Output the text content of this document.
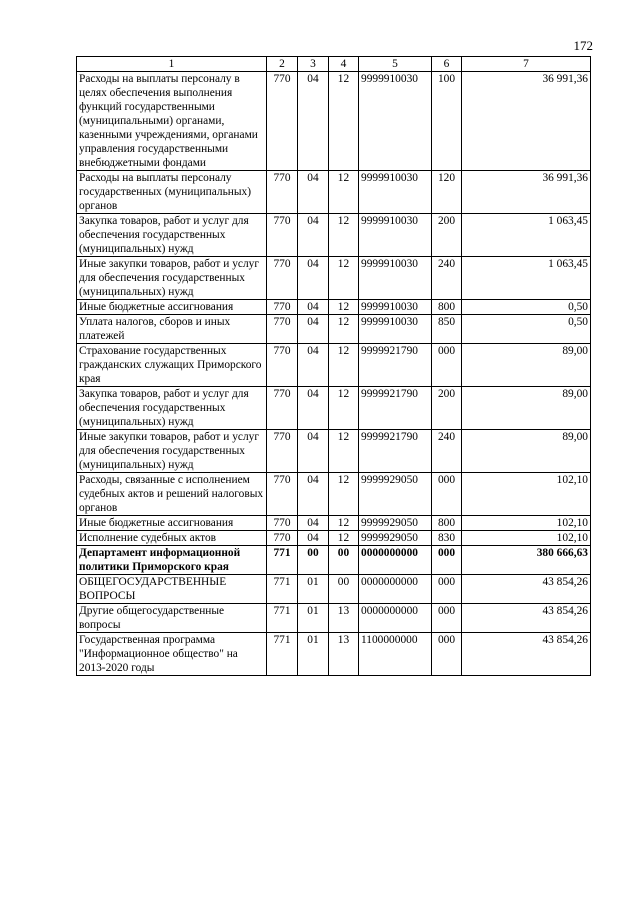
172
1	2	3	4	5	6	7
Расходы на выплаты персоналу в целях обеспечения выполнения функций государственными (муниципальными) органами, казенными учреждениями, органами управления государственными внебюджетными фондами	770	04	12	9999910030	100	36 991,36
Расходы на выплаты персоналу государственных (муниципальных) органов	770	04	12	9999910030	120	36 991,36
Закупка товаров, работ и услуг для обеспечения государственных (муниципальных) нужд	770	04	12	9999910030	200	1 063,45
Иные закупки товаров, работ и услуг для обеспечения государственных (муниципальных) нужд	770	04	12	9999910030	240	1 063,45
Иные бюджетные ассигнования	770	04	12	9999910030	800	0,50
Уплата налогов, сборов и иных платежей	770	04	12	9999910030	850	0,50
Страхование государственных гражданских служащих Приморского края	770	04	12	9999921790	000	89,00
Закупка товаров, работ и услуг для обеспечения государственных (муниципальных) нужд	770	04	12	9999921790	200	89,00
Иные закупки товаров, работ и услуг для обеспечения государственных (муниципальных) нужд	770	04	12	9999921790	240	89,00
Расходы, связанные с исполнением судебных актов и решений налоговых органов	770	04	12	9999929050	000	102,10
Иные бюджетные ассигнования	770	04	12	9999929050	800	102,10
Исполнение судебных актов	770	04	12	9999929050	830	102,10
Департамент информационной политики Приморского края	771	00	00	0000000000	000	380 666,63
ОБЩЕГОСУДАРСТВЕННЫЕ ВОПРОСЫ	771	01	00	0000000000	000	43 854,26
Другие общегосударственные вопросы	771	01	13	0000000000	000	43 854,26
Государственная программа "Информационное общество" на 2013-2020 годы	771	01	13	1100000000	000	43 854,26
